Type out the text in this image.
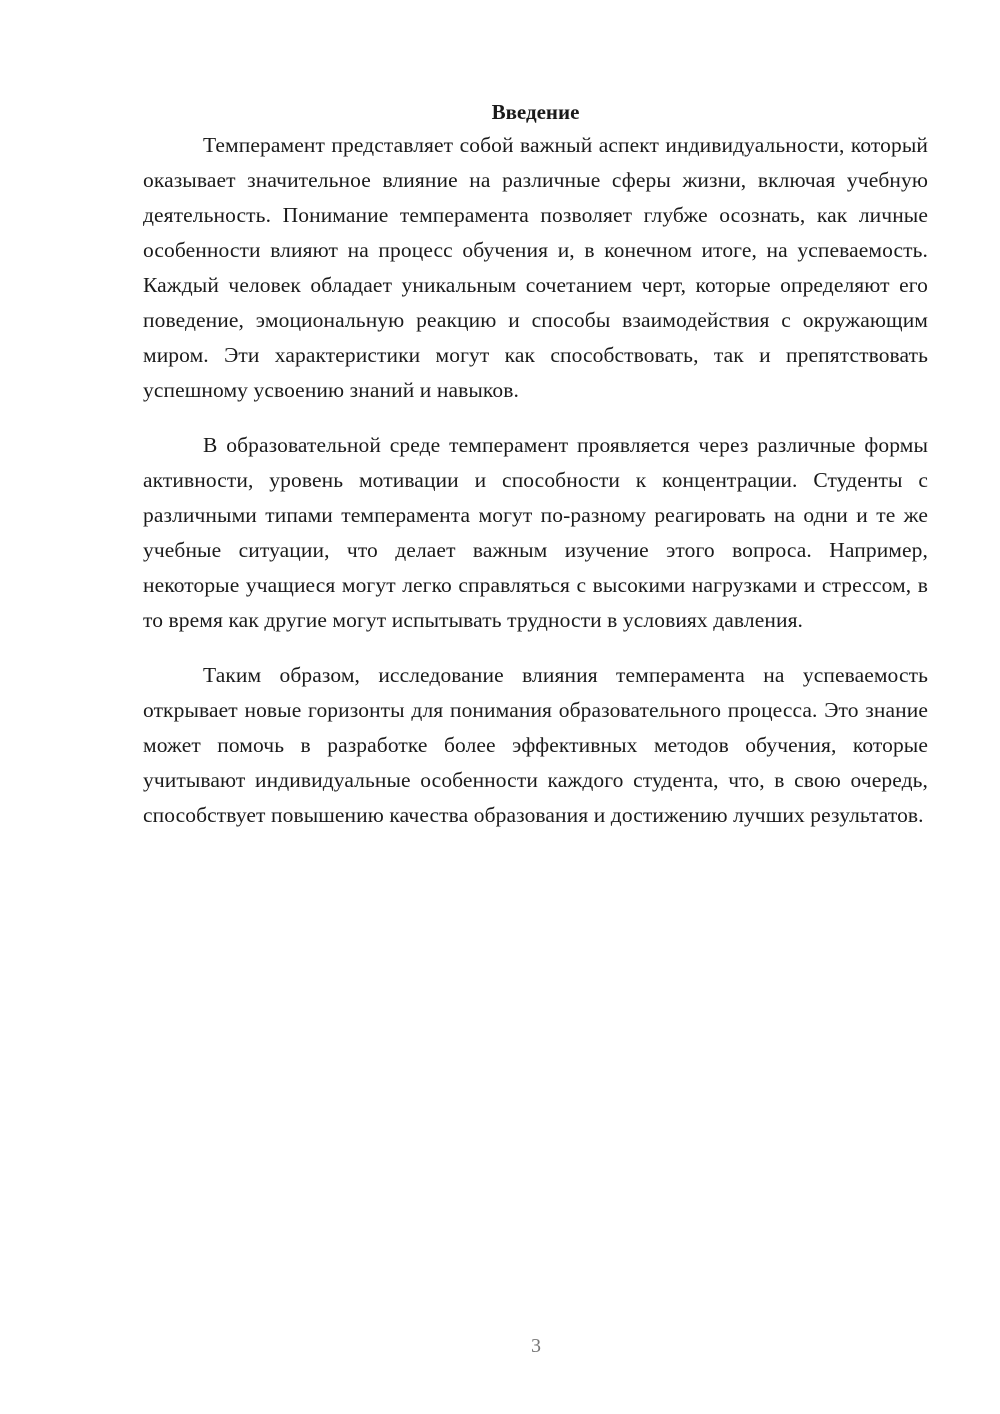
Введение

Темперамент представляет собой важный аспект индивидуальности, который оказывает значительное влияние на различные сферы жизни, включая учебную деятельность. Понимание темперамента позволяет глубже осознать, как личные особенности влияют на процесс обучения и, в конечном итоге, на успеваемость. Каждый человек обладает уникальным сочетанием черт, которые определяют его поведение, эмоциональную реакцию и способы взаимодействия с окружающим миром. Эти характеристики могут как способствовать, так и препятствовать успешному усвоению знаний и навыков.

В образовательной среде темперамент проявляется через различные формы активности, уровень мотивации и способности к концентрации. Студенты с различными типами темперамента могут по-разному реагировать на одни и те же учебные ситуации, что делает важным изучение этого вопроса. Например, некоторые учащиеся могут легко справляться с высокими нагрузками и стрессом, в то время как другие могут испытывать трудности в условиях давления.

Таким образом, исследование влияния темперамента на успеваемость открывает новые горизонты для понимания образовательного процесса. Это знание может помочь в разработке более эффективных методов обучения, которые учитывают индивидуальные особенности каждого студента, что, в свою очередь, способствует повышению качества образования и достижению лучших результатов.

3
